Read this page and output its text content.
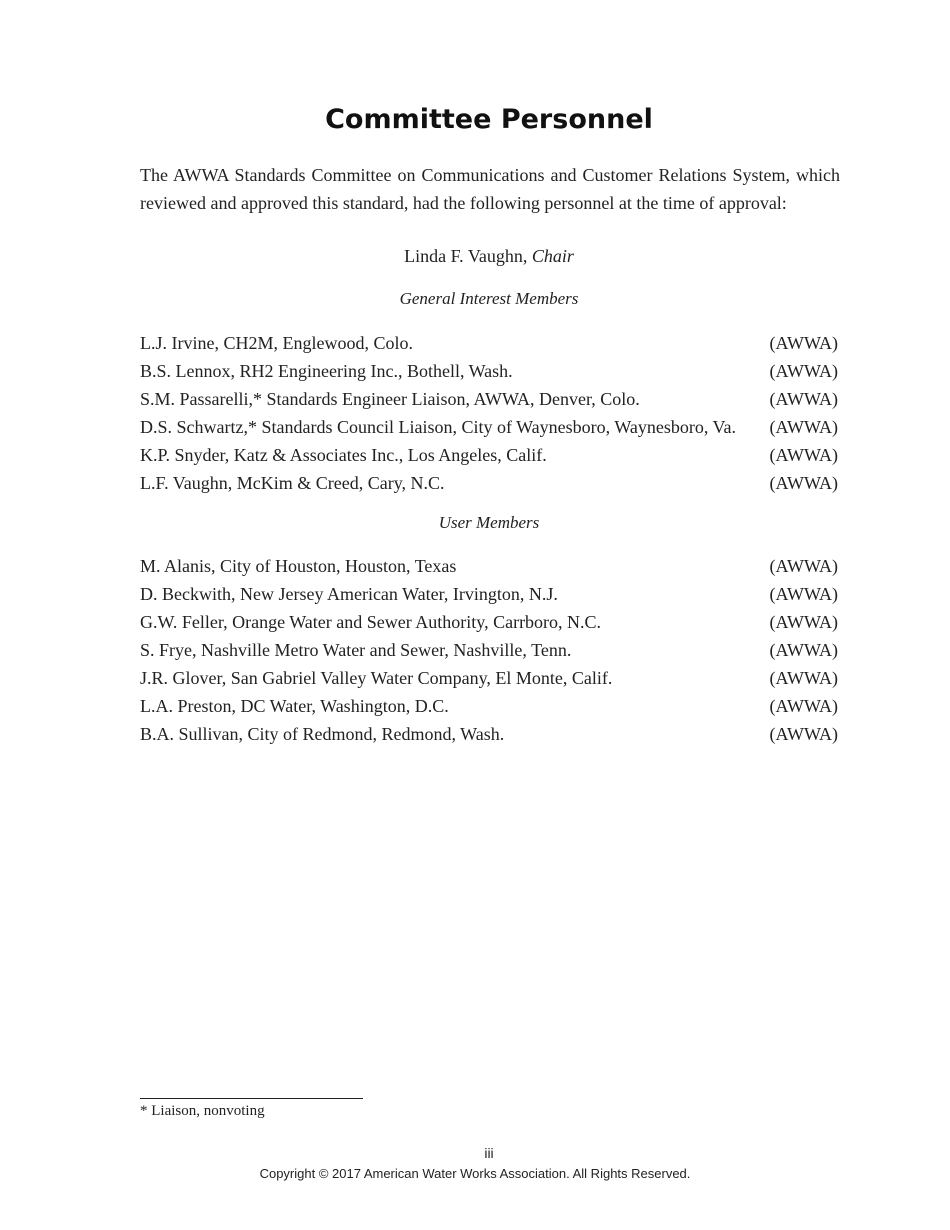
Committee Personnel

The AWWA Standards Committee on Communications and Customer Relations System, which reviewed and approved this standard, had the following personnel at the time of approval:

Linda F. Vaughn, Chair
General Interest Members
L.J. Irvine, CH2M, Englewood, Colo.	(AWWA)
B.S. Lennox, RH2 Engineering Inc., Bothell, Wash.	(AWWA)
S.M. Passarelli,* Standards Engineer Liaison, AWWA, Denver, Colo.	(AWWA)
D.S. Schwartz,* Standards Council Liaison, City of Waynesboro, Waynesboro, Va. (AWWA)
K.P. Snyder, Katz & Associates Inc., Los Angeles, Calif.	(AWWA)
L.F. Vaughn, McKim & Creed, Cary, N.C.	(AWWA)
User Members
M. Alanis, City of Houston, Houston, Texas	(AWWA)
D. Beckwith, New Jersey American Water, Irvington, N.J.	(AWWA)
G.W. Feller, Orange Water and Sewer Authority, Carrboro, N.C.	(AWWA)
S. Frye, Nashville Metro Water and Sewer, Nashville, Tenn.	(AWWA)
J.R. Glover, San Gabriel Valley Water Company, El Monte, Calif.	(AWWA)
L.A. Preston, DC Water, Washington, D.C.	(AWWA)
B.A. Sullivan, City of Redmond, Redmond, Wash.	(AWWA)
* Liaison, nonvoting
iii
Copyright © 2017 American Water Works Association. All Rights Reserved.
